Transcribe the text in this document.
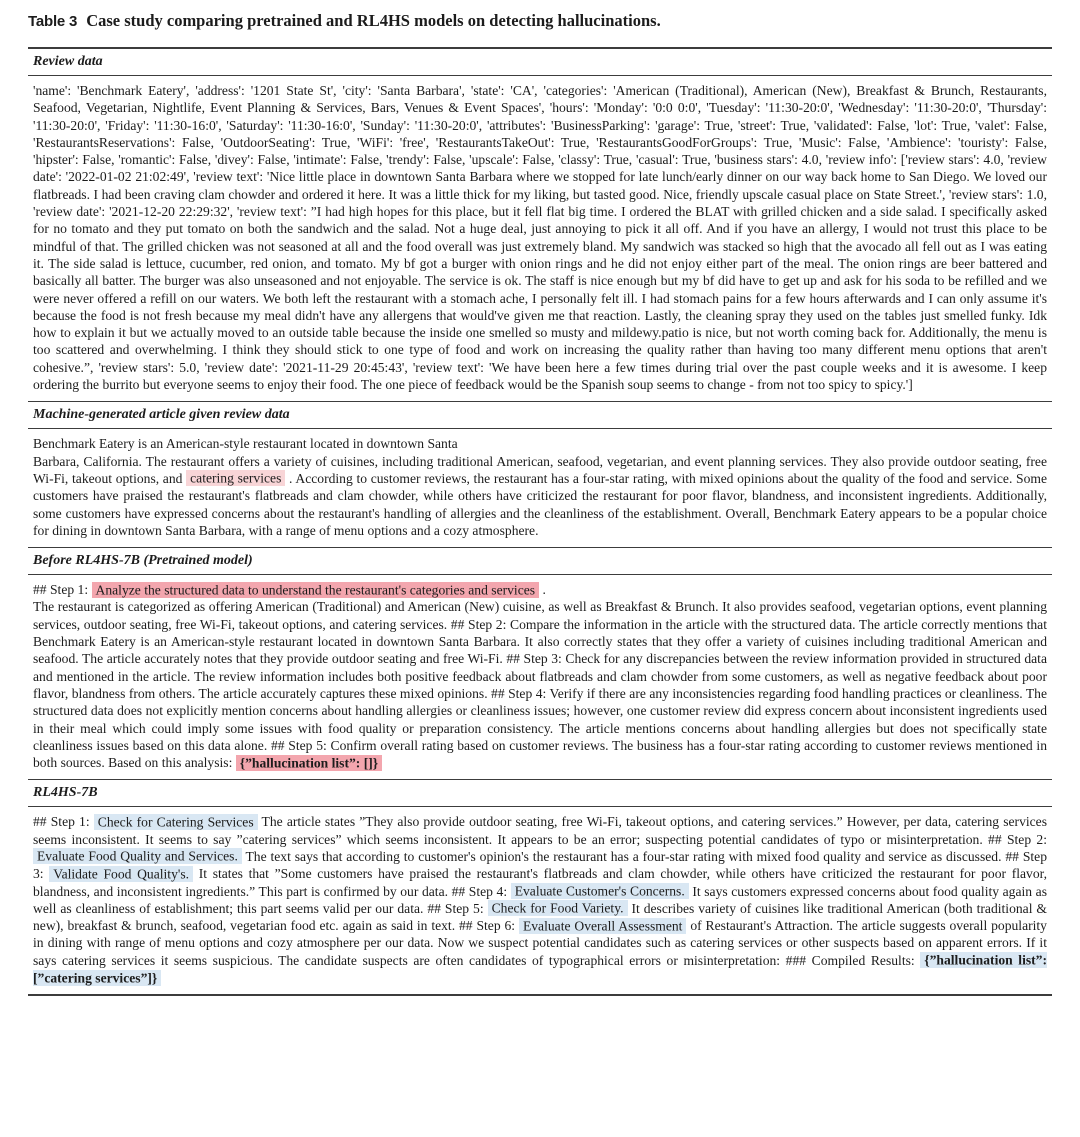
Table 3 Case study comparing pretrained and RL4HS models on detecting hallucinations.
Review data
'name': 'Benchmark Eatery', 'address': '1201 State St', 'city': 'Santa Barbara', 'state': 'CA', 'categories': 'American (Traditional), American (New), Breakfast & Brunch, Restaurants, Seafood, Vegetarian, Nightlife, Event Planning & Services, Bars, Venues & Event Spaces', 'hours': 'Monday': '0:0 0:0', 'Tuesday': '11:30-20:0', 'Wednesday': '11:30-20:0', 'Thursday': '11:30-20:0', 'Friday': '11:30-16:0', 'Saturday': '11:30-16:0', 'Sunday': '11:30-20:0', 'attributes': 'BusinessParking': 'garage': True, 'street': True, 'validated': False, 'lot': True, 'valet': False, 'RestaurantsReservations': False, 'OutdoorSeating': True, 'WiFi': 'free', 'RestaurantsTakeOut': True, 'RestaurantsGoodForGroups': True, 'Music': False, 'Ambience': 'touristy': False, 'hipster': False, 'romantic': False, 'divey': False, 'intimate': False, 'trendy': False, 'upscale': False, 'classy': True, 'casual': True, 'business stars': 4.0, 'review info': ['review stars': 4.0, 'review date': '2022-01-02 21:02:49', 'review text': 'Nice little place in downtown Santa Barbara where we stopped for late lunch/early dinner on our way back home to San Diego. We loved our flatbreads. I had been craving clam chowder and ordered it here. It was a little thick for my liking, but tasted good. Nice, friendly upscale casual place on State Street.', 'review stars': 1.0, 'review date': '2021-12-20 22:29:32', 'review text': ”I had high hopes for this place, but it fell flat big time. I ordered the BLAT with grilled chicken and a side salad. I specifically asked for no tomato and they put tomato on both the sandwich and the salad. Not a huge deal, just annoying to pick it all off. And if you have an allergy, I would not trust this place to be mindful of that. The grilled chicken was not seasoned at all and the food overall was just extremely bland. My sandwich was stacked so high that the avocado all fell out as I was eating it. The side salad is lettuce, cucumber, red onion, and tomato. My bf got a burger with onion rings and he did not enjoy either part of the meal. The onion rings are beer battered and basically all batter. The burger was also unseasoned and not enjoyable. The service is ok. The staff is nice enough but my bf did have to get up and ask for his soda to be refilled and we were never offered a refill on our waters. We both left the restaurant with a stomach ache, I personally felt ill. I had stomach pains for a few hours afterwards and I can only assume it's because the food is not fresh because my meal didn't have any allergens that would've given me that reaction. Lastly, the cleaning spray they used on the tables just smelled funky. Idk how to explain it but we actually moved to an outside table because the inside one smelled so musty and mildewy.patio is nice, but not worth coming back for. Additionally, the menu is too scattered and overwhelming. I think they should stick to one type of food and work on increasing the quality rather than having too many different menu options that aren't cohesive.”, 'review stars': 5.0, 'review date': '2021-11-29 20:45:43', 'review text': 'We have been here a few times during trial over the past couple weeks and it is awesome. I keep ordering the burrito but everyone seems to enjoy their food. The one piece of feedback would be the Spanish soup seems to change - from not too spicy to spicy.']
Machine-generated article given review data
Benchmark Eatery is an American-style restaurant located in downtown Santa
Barbara, California. The restaurant offers a variety of cuisines, including traditional American, seafood, vegetarian, and event planning services. They also provide outdoor seating, free Wi-Fi, takeout options, and catering services . According to customer reviews, the restaurant has a four-star rating, with mixed opinions about the quality of the food and service. Some customers have praised the restaurant's flatbreads and clam chowder, while others have criticized the restaurant for poor flavor, blandness, and inconsistent ingredients. Additionally, some customers have expressed concerns about the restaurant's handling of allergies and the cleanliness of the establishment. Overall, Benchmark Eatery appears to be a popular choice for dining in downtown Santa Barbara, with a range of menu options and a cozy atmosphere.
Before RL4HS-7B (Pretrained model)
## Step 1: Analyze the structured data to understand the restaurant's categories and services .
The restaurant is categorized as offering American (Traditional) and American (New) cuisine, as well as Breakfast & Brunch. It also provides seafood, vegetarian options, event planning services, outdoor seating, free Wi-Fi, takeout options, and catering services. ## Step 2: Compare the information in the article with the structured data. The article correctly mentions that Benchmark Eatery is an American-style restaurant located in downtown Santa Barbara. It also correctly states that they offer a variety of cuisines including traditional American and seafood. The article accurately notes that they provide outdoor seating and free Wi-Fi. ## Step 3: Check for any discrepancies between the review information provided in structured data and mentioned in the article. The review information includes both positive feedback about flatbreads and clam chowder from some customers, as well as negative feedback about poor flavor, blandness from others. The article accurately captures these mixed opinions. ## Step 4: Verify if there are any inconsistencies regarding food handling practices or cleanliness. The structured data does not explicitly mention concerns about handling allergies or cleanliness issues; however, one customer review did express concern about inconsistent ingredients used in their meal which could imply some issues with food quality or preparation consistency. The article mentions concerns about handling allergies but does not specifically state cleanliness issues based on this data alone. ## Step 5: Confirm overall rating based on customer reviews. The business has a four-star rating according to customer reviews mentioned in both sources. Based on this analysis: {”hallucination list”: []}
RL4HS-7B
## Step 1: Check for Catering Services The article states ”They also provide outdoor seating, free Wi-Fi, takeout options, and catering services.” However, per data, catering services seems inconsistent. It seems to say ”catering services” which seems inconsistent. It appears to be an error; suspecting potential candidates of typo or misinterpretation. ## Step 2: Evaluate Food Quality and Services. The text says that according to customer's opinion's the restaurant has a four-star rating with mixed food quality and service as discussed. ## Step 3: Validate Food Quality's. It states that ”Some customers have praised the restaurant's flatbreads and clam chowder, while others have criticized the restaurant for poor flavor, blandness, and inconsistent ingredients.” This part is confirmed by our data. ## Step 4: Evaluate Customer's Concerns. It says customers expressed concerns about food quality again as well as cleanliness of establishment; this part seems valid per our data. ## Step 5: Check for Food Variety. It describes variety of cuisines like traditional American (both traditional & new), breakfast & brunch, seafood, vegetarian food etc. again as said in text. ## Step 6: Evaluate Overall Assessment of Restaurant's Attraction. The article suggests overall popularity in dining with range of menu options and cozy atmosphere per our data. Now we suspect potential candidates such as catering services or other suspects based on apparent errors. If it says catering services it seems suspicious. The candidate suspects are often candidates of typographical errors or misinterpretation: ### Compiled Results: {”hallucination list”: [”catering services”]}
